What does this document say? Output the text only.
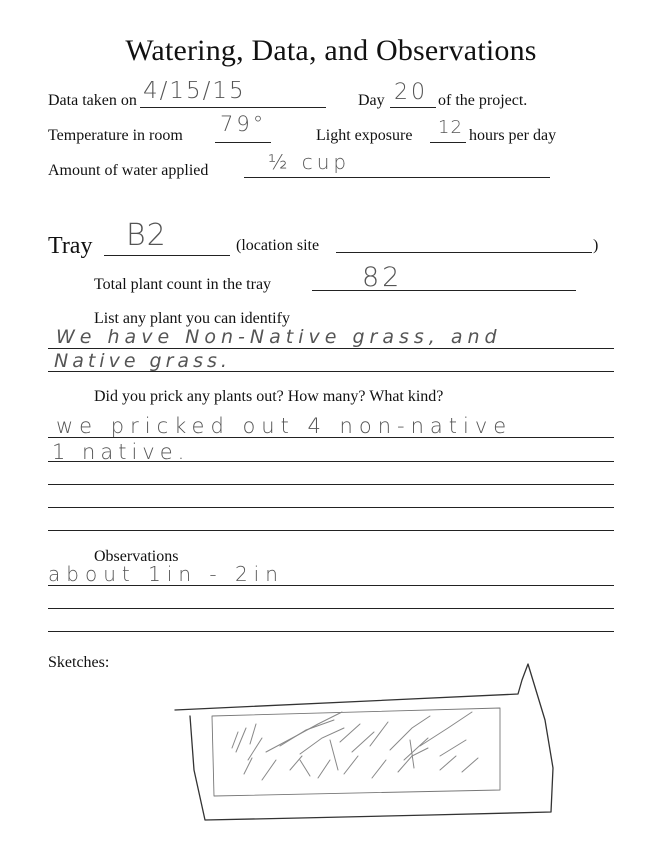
Watering, Data, and Observations
Data taken on 4/15/15	Day 20 of the project.
Temperature in room 79°	Light exposure 12 hours per day
Amount of water applied	½ cup
Tray B2	(location site	)
Total plant count in the tray	82
List any plant you can identify
We have Non-Native grass, and
Native grass.
Did you prick any plants out? How many? What kind?
we pricked out 4 non-native
1 native.
Observations
about 1in - 2in
Sketches:
